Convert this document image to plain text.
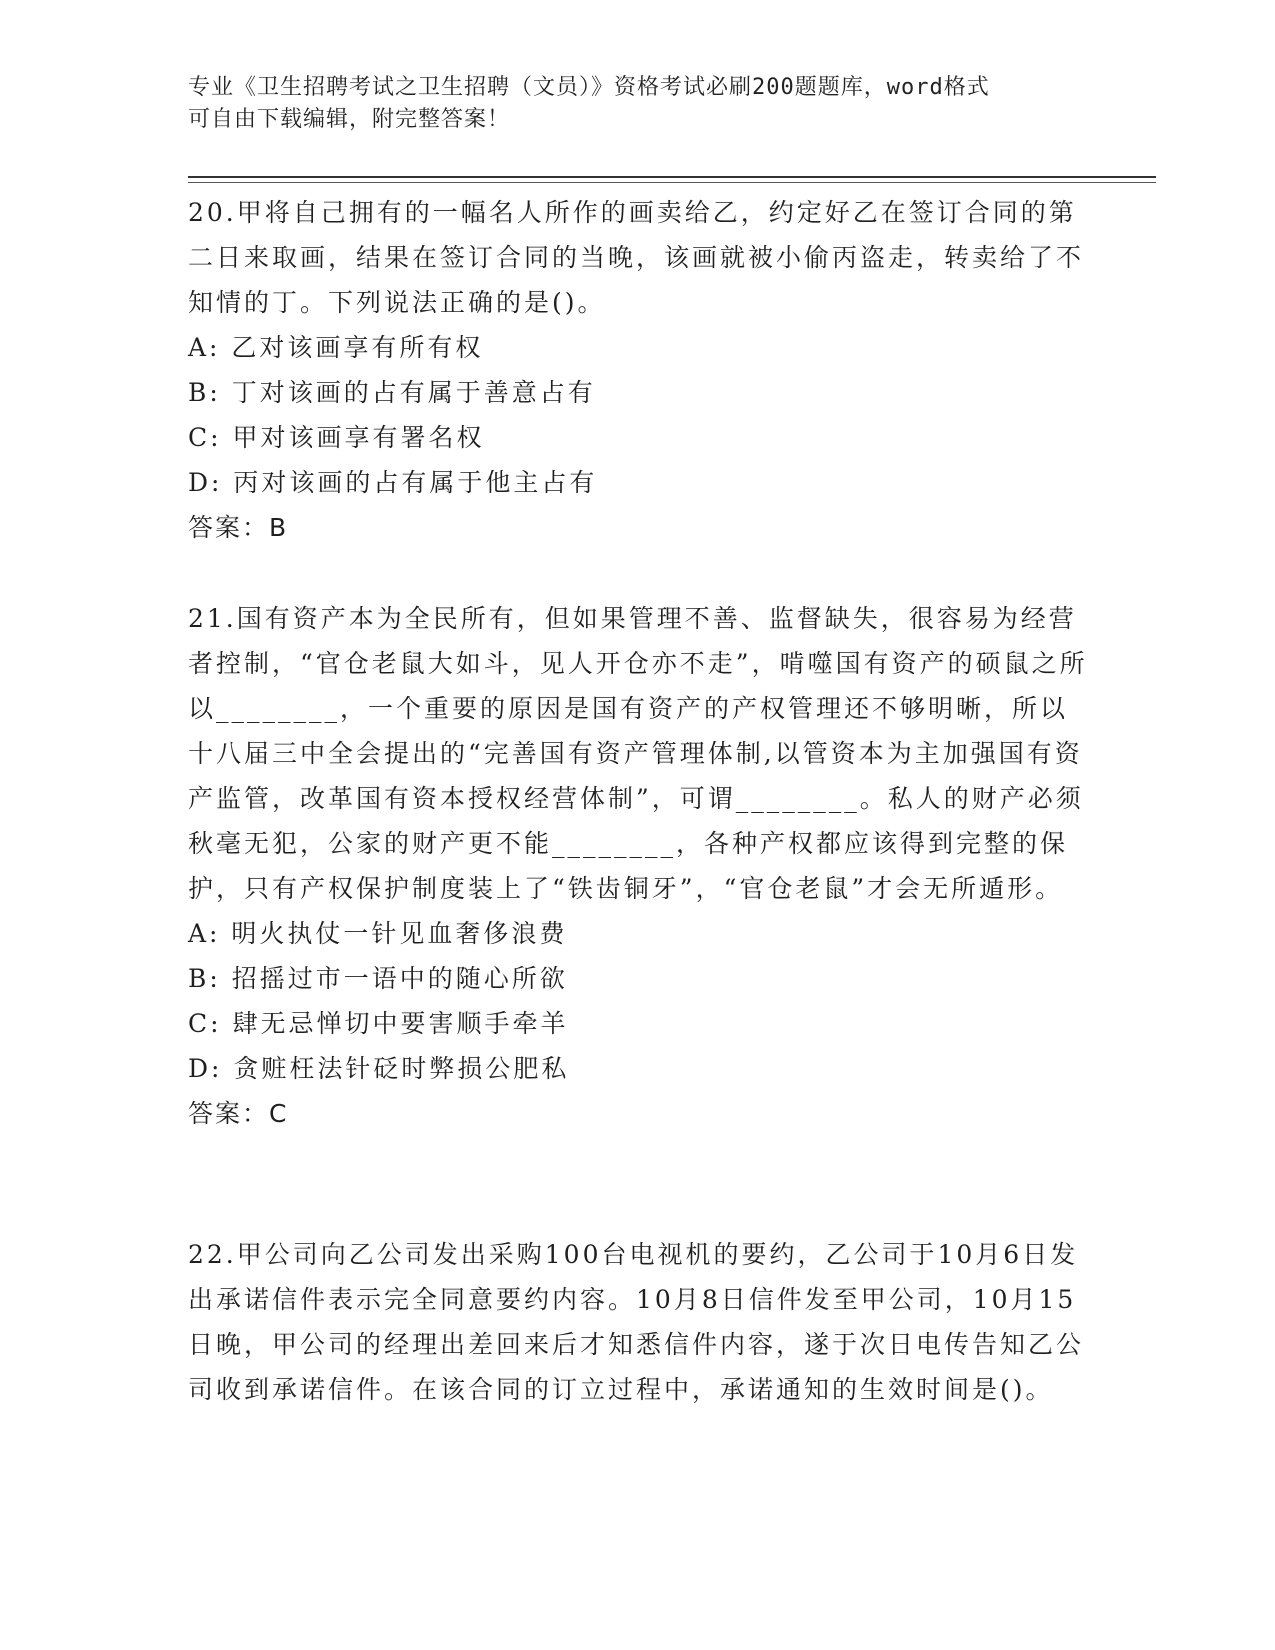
专业《卫生招聘考试之卫生招聘（文员）》资格考试必刷200题题库，word格式
可自由下载编辑，附完整答案！

20.甲将自己拥有的一幅名人所作的画卖给乙，约定好乙在签订合同的第二日来取画，结果在签订合同的当晚，该画就被小偷丙盗走，转卖给了不知情的丁。下列说法正确的是()。

A: 乙对该画享有所有权

B: 丁对该画的占有属于善意占有

C: 甲对该画享有署名权

D: 丙对该画的占有属于他主占有

答案：B

21.国有资产本为全民所有，但如果管理不善、监督缺失，很容易为经营者控制，“官仓老鼠大如斗，见人开仓亦不走”，啃噬国有资产的硕鼠之所以________，一个重要的原因是国有资产的产权管理还不够明晰，所以十八届三中全会提出的“完善国有资产管理体制,以管资本为主加强国有资产监管，改革国有资本授权经营体制”，可谓________。私人的财产必须秋毫无犯，公家的财产更不能________，各种产权都应该得到完整的保护，只有产权保护制度装上了“铁齿铜牙”，“官仓老鼠”才会无所遁形。

A: 明火执仗一针见血奢侈浪费

B: 招摇过市一语中的随心所欲

C: 肆无忌惮切中要害顺手牵羊

D: 贪赃枉法针砭时弊损公肥私

答案：C

22.甲公司向乙公司发出采购100台电视机的要约，乙公司于10月6日发出承诺信件表示完全同意要约内容。10月8日信件发至甲公司，10月15日晚，甲公司的经理出差回来后才知悉信件内容，遂于次日电传告知乙公司收到承诺信件。在该合同的订立过程中，承诺通知的生效时间是()。
